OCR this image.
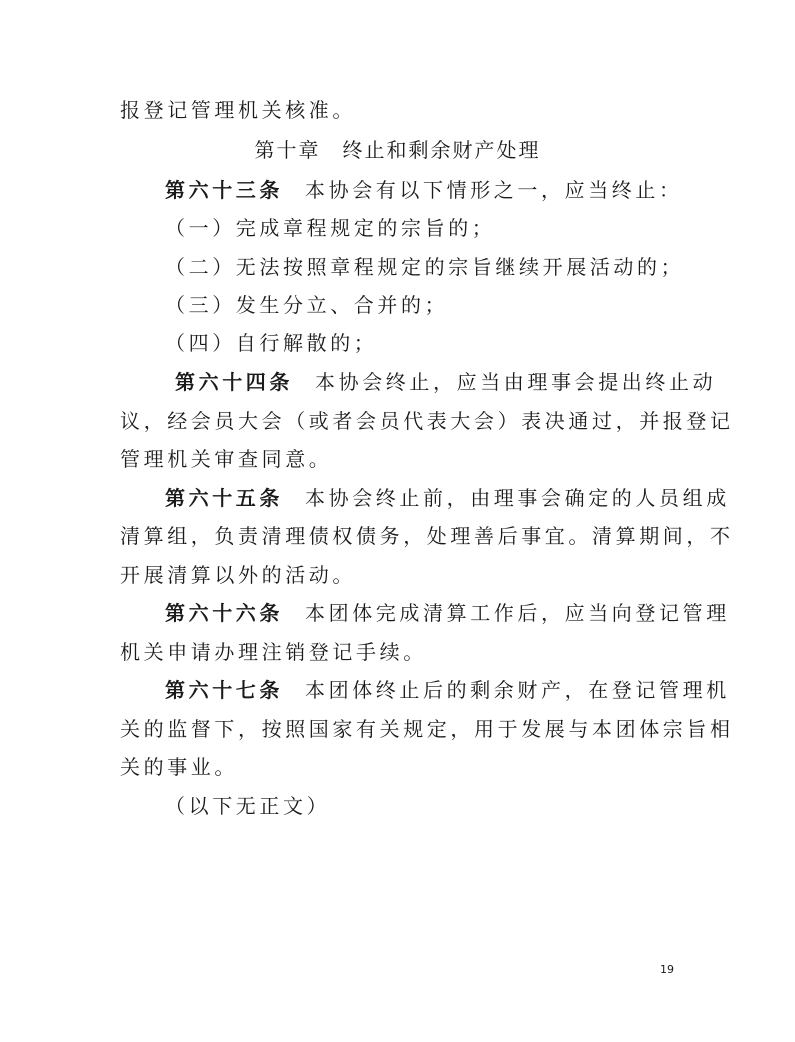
报登记管理机关核准。
第十章 终止和剩余财产处理
第六十三条 本协会有以下情形之一，应当终止：
（一）完成章程规定的宗旨的；
（二）无法按照章程规定的宗旨继续开展活动的；
（三）发生分立、合并的；
（四）自行解散的；
第六十四条 本协会终止，应当由理事会提出终止动
议，经会员大会（或者会员代表大会）表决通过，并报登记
管理机关审查同意。
第六十五条 本协会终止前，由理事会确定的人员组成
清算组，负责清理债权债务，处理善后事宜。清算期间，不
开展清算以外的活动。
第六十六条 本团体完成清算工作后，应当向登记管理
机关申请办理注销登记手续。
第六十七条 本团体终止后的剩余财产，在登记管理机
关的监督下，按照国家有关规定，用于发展与本团体宗旨相
关的事业。
（以下无正文）
19
